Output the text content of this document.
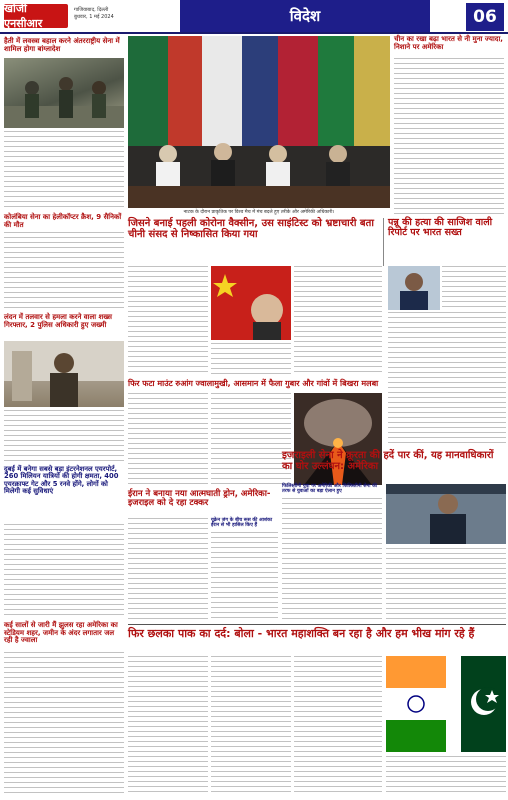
खोजी एनसीआर
गाजियाबाद, दिल्ली
बुधवार, 1 मई 2024	विदेश	06
हैती में लवस्त्रा बहाल करने अंतरराष्ट्रीय सेना में शामिल होगा बांग्लादेश
कोलंबिया सेना का हेलीकॉप्टर क्रैश, 9 सैनिकों की मौत
लंदन में तलवार से हमला करने वाला शख्स गिरफ्तार, 2 पुलिस अधिकारी हुए जख्मी
दुबई में बनेगा सबसे बड़ा इंटरनेशनल एयरपोर्ट, 260 मिलियन यात्रियों की होगी क्षमता, 400 एयरक्राफ्ट गेट और 5 रनवे होंगे, लोगों को मिलेगी कई सुविधाएं
कई सालों से जारी मैं झुलस रहा अमेरिका का स्टेडियम शहर, जमीन के अंदर लगातार जल रही है ज्वाला
नाटक के दौरान प्राकृतिक पर विश्व मैच में मंच बदले हुए तरीके और अमेरिकी अधिकारी।
चीन का रखा बढ़ा भारत से नी मुना ज्यादा, निशाने पर अमेरिका
जिसने बनाई पहली कोरोना वैक्सीन, उस साइंटिस्ट को भ्रष्टाचारी बता चीनी संसद से निष्कासित किया गया
पन्नू की हत्या की साजिश वाली रिपोर्ट पर भारत सख्त
फिर फटा माउंट रुआंग ज्वालामुखी, आसमान में फैला गुबार और गांवों में बिखरा मलबा
ईरान ने बनाया नया आत्मघाती ड्रोन, अमेरिका-इजराइल को दे रहा टक्कर
यूक्रेन जंग के बीच रूस की आशंका ईरान से भी हासिल किए हैं
इजराइली सेना ने क्रूरता की हदें पार कीं, यह मानवाधिकारों का घोर उल्लंघन: अमेरिका
फिलिस्तीनी युवा पर अमेरिकी और फिलिस्तीनी सेना की तरफ से युवाओं का बड़ा ऐलान हुए
फिर छलका पाक का दर्द: बोला - भारत महाशक्ति बन रहा है और हम भीख मांग रहे हैं
